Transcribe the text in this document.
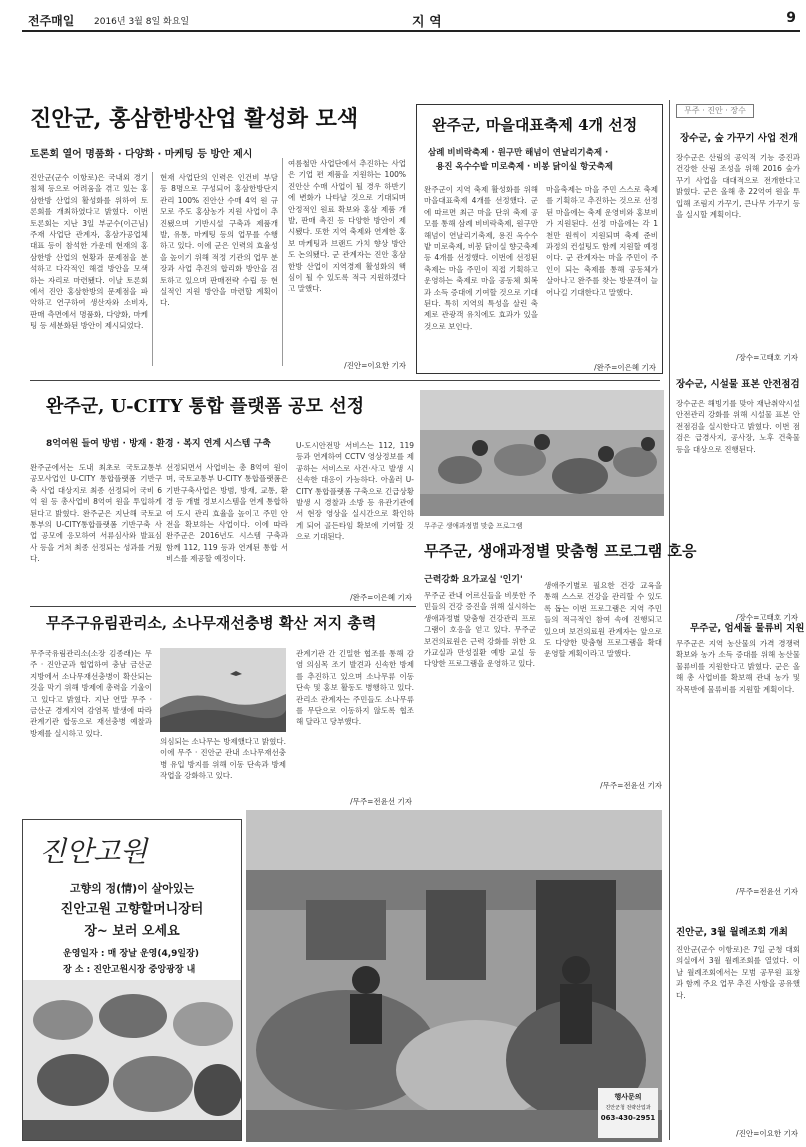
전주매일 2016년 3월 8일 화요일	지 역	9
진안군, 홍삼한방산업 활성화 모색
토론회 열어 명품화 · 다양화 · 마케팅 등 방안 제시
진안군(군수 이항로)은 국내외 경기 침체 등으로 어려움을 겪고 있는 홍삼한방 산업의 활성화를 위하여 토론회를 개최하였다고 밝혔다. 이번 토론회는 지난 3일 부군수(이근님) 주재 사업단 관계자, 홍삼가공업체 대표 등이 참석한 가운데 현재의 홍삼한방 산업의 현황과 문제점을 분석하고 다각적인 해결 방안을 모색하는 자리로 마련됐다. 이날 토론회에서 진안 홍삼한방의 문제점을 파악하고 연구하여 생산자와 소비자, 판매 측면에서 명품화, 다양화, 마케팅 등 세분화된 방안이 제시되었다.
현재 사업단의 인력은 인건비 부담 등 8명으로 구성되어 홍삼한방단지 관리 100% 진안산 수매 4억 원 규모로 주도 홍삼농가 지원 사업이 추진됐으며 기반시설 구축과 제품개발, 유통, 마케팅 등의 업무를 수행하고 있다. 이에 군은 인력의 효율성을 높이기 위해 적정 기관의 업무 분장과 사업 추진의 합리화 방안을 검토하고 있으며 판매전략 수립 등 현실적인 지원 방안을 마련할 계획이다.
여름철만 사업단에서 추진하는 사업은 기업 편 제품을 지원하는 100% 진안산 수매 사업이 될 경우 하반기에 변화가 나타날 것으로 기대되며 안정적인 원료 확보와 홍삼 제품 개발, 판매 촉진 등 다양한 방안이 제시됐다. 또한 지역 축제와 연계한 홍보 마케팅과 브랜드 가치 향상 방안도 논의됐다. 군 관계자는 진안 홍삼한방 산업이 지역경제 활성화의 핵심이 될 수 있도록 적극 지원하겠다고 말했다.
/진안=이요한 기자
완주군, 마을대표축제 4개 선정
삼례 비비락축제 · 원구만 해넘이 연날리기축제 ·
용진 옥수수밭 미로축제 · 비봉 닭이실 항굿축제
완주군이 지역 축제 활성화를 위해 마을대표축제 4개를 선정했다. 군에 따르면 최근 마을 단위 축제 공모를 통해 삼례 비비락축제, 원구만 해넘이 연날리기축제, 용진 옥수수밭 미로축제, 비봉 닭이실 향긋축제 등 4개를 선정했다. 이번에 선정된 축제는 마을 주민이 직접 기획하고 운영하는 축제로 마을 공동체 회복과 소득 증대에 기여할 것으로 기대된다. 특히 지역의 특성을 살린 축제로 관광객 유치에도 효과가 있을 것으로 보인다.
마을축제는 마을 주민 스스로 축제를 기획하고 추진하는 것으로 선정된 마을에는 축제 운영비와 홍보비가 지원된다. 선정 마을에는 각 1천만 원씩이 지원되며 축제 준비 과정의 컨설팅도 함께 지원할 예정이다. 군 관계자는 마을 주민이 주인이 되는 축제를 통해 공동체가 살아나고 완주를 찾는 방문객이 늘어나길 기대한다고 말했다.
/완주=이은혜 기자
무주 · 진안 · 장수
장수군, 숲 가꾸기 사업 전개
장수군은 산림의 공익적 기능 증진과 건강한 산림 조성을 위해 2016 숲가꾸기 사업을 대대적으로 전개한다고 밝혔다. 군은 올해 총 22억여 원을 투입해 조림지 가꾸기, 큰나무 가꾸기 등을 실시할 계획이다.
/장수=고태호 기자
장수군, 시설물 표본 안전점검
장수군은 해빙기를 맞아 재난취약시설 안전관리 강화를 위해 시설물 표본 안전점검을 실시한다고 밝혔다. 이번 점검은 급경사지, 공사장, 노후 건축물 등을 대상으로 진행된다.
/장수=고태호 기자
무주군, 엄세돌 물류비 지원
무주군은 지역 농산물의 가격 경쟁력 확보와 농가 소득 증대를 위해 농산물 물류비를 지원한다고 밝혔다. 군은 올해 총 사업비를 확보해 관내 농가 및 작목반에 물류비를 지원할 계획이다.
/무주=전윤선 기자
진안군, 3월 월례조회 개최
진안군(군수 이항로)은 7일 군청 대회의실에서 3월 월례조회를 열었다. 이날 월례조회에서는 모범 공무원 표창과 함께 주요 업무 추진 사항을 공유했다.
/진안=이요한 기자
완주군, U-CITY 통합 플랫폼 공모 선정
8억여원 들여 방범 · 방재 · 환경 · 복지 연계 시스템 구축
완주군에서는 도내 최초로 국토교통부 공모사업인 U-CITY 통합플랫폼 기반구축 사업 대상지로 최종 선정되어 국비 6억 원 등 총사업비 8억여 원을 투입하게 된다고 밝혔다. 완주군은 지난해 국토교통부의 U-CITY통합플랫폼 기반구축 사업 공모에 응모하여 서류심사와 발표심사 등을 거쳐 최종 선정되는 성과를 거뒀다.
선정되면서 사업비는 총 8억여 원이며, 국토교통부 U-CITY 통합플랫폼은 기반구축사업은 방범, 방재, 교통, 환경 등 개별 정보시스템을 연계 통합하여 도시 관리 효율을 높이고 주민 안전을 확보하는 사업이다. 이에 따라 완주군은 2016년도 시스템 구축과 함께 112, 119 등과 연계된 통합 서비스를 제공할 예정이다.
U-도시안전망 서비스는 112, 119 등과 연계하여 CCTV 영상정보를 제공하는 서비스로 사건·사고 발생 시 신속한 대응이 가능하다. 아울러 U-CITY 통합플랫폼 구축으로 긴급상황 발생 시 경찰과 소방 등 유관기관에서 현장 영상을 실시간으로 확인하게 되어 골든타임 확보에 기여할 것으로 기대된다.
/완주=이은혜 기자
무주군 생애과정별 맞춤 프로그램
무주군, 생애과정별 맞춤형 프로그램 호응
근력강화 요가교실 '인기'
무주군 관내 어르신들을 비롯한 주민들의 건강 증진을 위해 실시하는 생애과정별 맞춤형 건강관리 프로그램이 호응을 얻고 있다. 무주군보건의료원은 근력 강화를 위한 요가교실과 만성질환 예방 교실 등 다양한 프로그램을 운영하고 있다.
생애주기별로 필요한 건강 교육을 통해 스스로 건강을 관리할 수 있도록 돕는 이번 프로그램은 지역 주민들의 적극적인 참여 속에 진행되고 있으며 보건의료원 관계자는 앞으로도 다양한 맞춤형 프로그램을 확대 운영할 계획이라고 말했다.
/무주=전윤선 기자
무주구유림관리소, 소나무재선충병 확산 저지 총력
무주국유림관리소(소장 김종래)는 무주 · 진안군과 협업하여 충남 금산군 지방에서 소나무재선충병이 확산되는 것을 막기 위해 방제에 총력을 기울이고 있다고 밝혔다. 지난 연말 무주 · 금산군 경계지역 감염목 발생에 따라 관계기관 합동으로 재선충병 예찰과 방제를 실시하고 있다.
의심되는 소나무는 방제했다고 밝혔다. 이에 무주 · 진안군 관내 소나무재선충병 유입 방지를 위해 이동 단속과 방제 작업을 강화하고 있다.
관계기관 간 긴밀한 협조를 통해 감염 의심목 조기 발견과 신속한 방제를 추진하고 있으며 소나무류 이동 단속 및 홍보 활동도 병행하고 있다. 관리소 관계자는 주민들도 소나무류를 무단으로 이동하지 않도록 협조해 달라고 당부했다.
/무주=전윤선 기자
진안고원
고향의 정(情)이 살아있는
진안고원 고향할머니장터
장~ 보러 오세요
운영일자 : 매 장날 운영(4,9일장)
장 소 : 진안고원시장 중앙광장 내
행사문의
진안군청 전략산업과
063-430-2951
